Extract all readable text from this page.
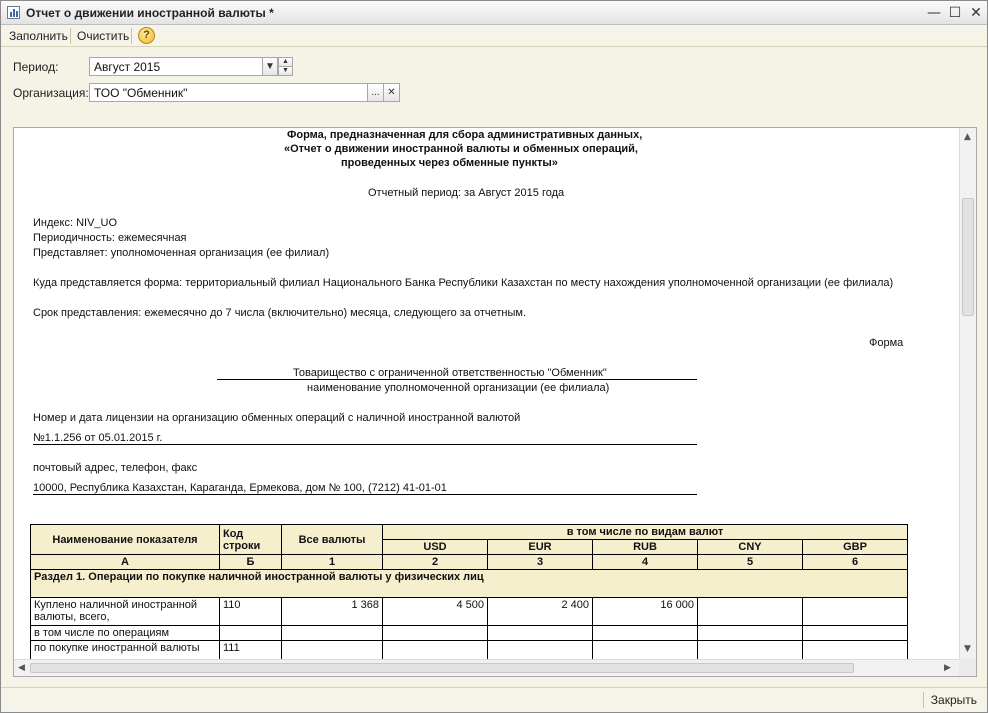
Отчет о движении иностранной валюты *	— ☐ ✕
Заполнить Очистить	?
Период:	Август 2015	▼	▲
▼
Организация: ТОО "Обменник"	... ✕
Форма, предназначенная для сбора административных данных,
«Отчет о движении иностранной валюты и обменных операций,
проведенных через обменные пункты»
Отчетный период: за Август 2015 года
Индекс: NIV_UO
Периодичность: ежемесячная
Представляет: уполномоченная организация (ее филиал)
Куда представляется форма: территориальный филиал Национального Банка Республики Казахстан по месту нахождения уполномоченной организации (ее филиала)
Срок представления: ежемесячно до 7 числа (включительно) месяца, следующего за отчетным.
Форма
Товарищество с ограниченной ответственностью "Обменник"
наименование уполномоченной организации (ее филиала)
Номер и дата лицензии на организацию обменных операций с наличной иностранной валютой
№1.1.256 от 05.01.2015 г.
почтовый адрес, телефон, факс
10000, Республика Казахстан, Караганда, Ермекова, дом № 100, (7212) 41-01-01
Наименование показателя	Код строки	Все валюты	в том числе по видам валют				
			USD	EUR	RUB	CNY	GBP
А	Б	1	2	3	4	5	6
Раздел 1. Операции по покупке наличной иностранной валюты у физических лиц							
Куплено наличной иностранной валюты, всего,	110	1 368	4 500	2 400	16 000		
в том числе по операциям							
по покупке иностранной валюты	111						
▲
▼
◀	▶
Закрыть
